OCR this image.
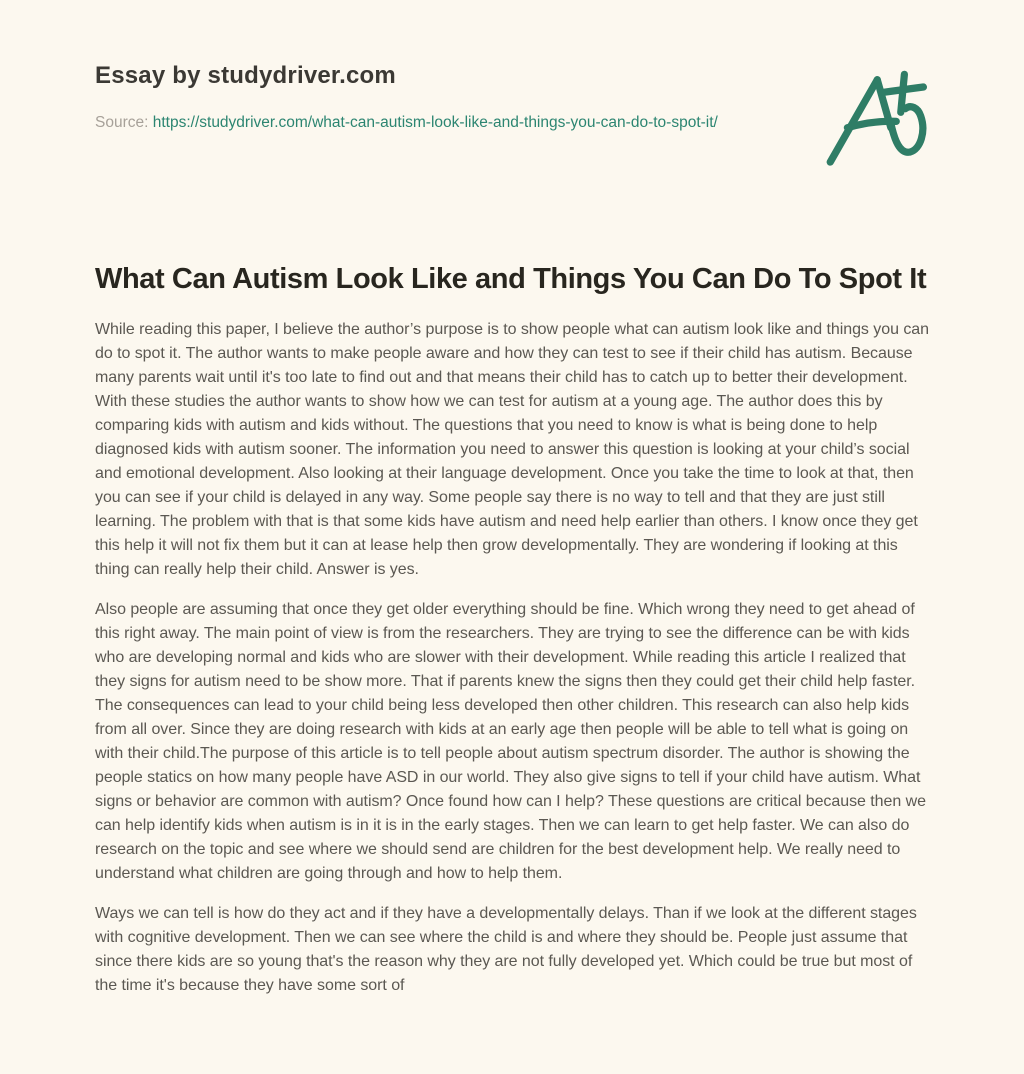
Essay by studydriver.com
Source: https://studydriver.com/what-can-autism-look-like-and-things-you-can-do-to-spot-it/
What Can Autism Look Like and Things You Can Do To Spot It

While reading this paper, I believe the author’s purpose is to show people what can autism look like and things you can do to spot it. The author wants to make people aware and how they can test to see if their child has autism. Because many parents wait until it's too late to find out and that means their child has to catch up to better their development. With these studies the author wants to show how we can test for autism at a young age. The author does this by comparing kids with autism and kids without. The questions that you need to know is what is being done to help diagnosed kids with autism sooner. The information you need to answer this question is looking at your child’s social and emotional development. Also looking at their language development. Once you take the time to look at that, then you can see if your child is delayed in any way. Some people say there is no way to tell and that they are just still learning. The problem with that is that some kids have autism and need help earlier than others. I know once they get this help it will not fix them but it can at lease help then grow developmentally. They are wondering if looking at this thing can really help their child. Answer is yes.

Also people are assuming that once they get older everything should be fine. Which wrong they need to get ahead of this right away. The main point of view is from the researchers. They are trying to see the difference can be with kids who are developing normal and kids who are slower with their development. While reading this article I realized that they signs for autism need to be show more. That if parents knew the signs then they could get their child help faster. The consequences can lead to your child being less developed then other children. This research can also help kids from all over. Since they are doing research with kids at an early age then people will be able to tell what is going on with their child.The purpose of this article is to tell people about autism spectrum disorder. The author is showing the people statics on how many people have ASD in our world. They also give signs to tell if your child have autism. What signs or behavior are common with autism? Once found how can I help? These questions are critical because then we can help identify kids when autism is in it is in the early stages. Then we can learn to get help faster. We can also do research on the topic and see where we should send are children for the best development help. We really need to understand what children are going through and how to help them.

Ways we can tell is how do they act and if they have a developmentally delays. Than if we look at the different stages with cognitive development. Then we can see where the child is and where they should be. People just assume that since there kids are so young that's the reason why they are not fully developed yet. Which could be true but most of the time it's because they have some sort of
